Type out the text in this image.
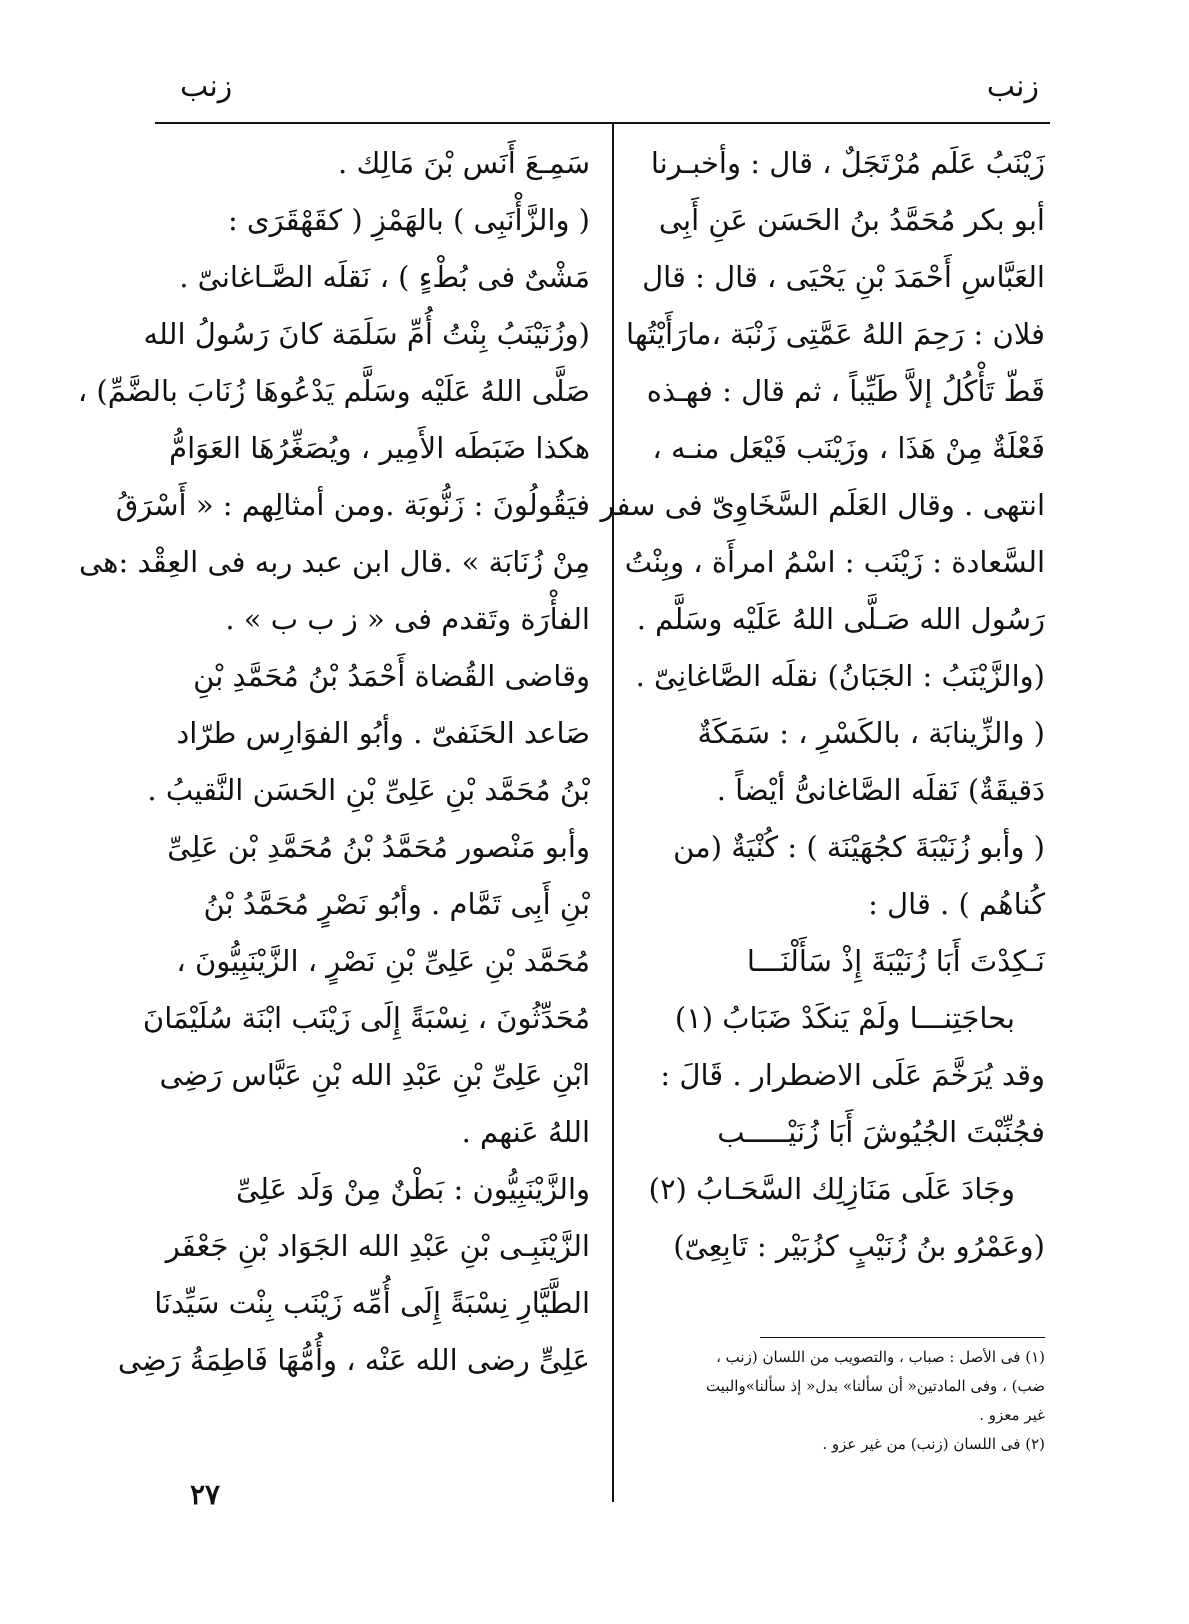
زنب
زنب
زَيْنَبُ عَلَم مُرْتَجَلٌ ، قال : وأخبـرنا
أبو بكر مُحَمَّدُ بنُ الحَسَن عَنِ أَبِى
العَبَّاسِ أَحْمَدَ بْنِ يَحْيَى ، قال : قال
فلان : رَحِمَ اللهُ عَمَّتِى زَنْبَة ،مارَأَيْتُها
قَطّ تَأْكُلُ إلاَّ طَيِّباً ، ثم قال : فهـذه
فَعْلَةٌ مِنْ هَذَا ، وزَيْنَب فَيْعَل منـه ،
انتهى . وقال العَلَم السَّخَاوِىّ فى سفر
السَّعادة : زَيْنَب : اسْمُ امرأَة ، وبِنْتُ
رَسُول الله صَـلَّى اللهُ عَلَيْه وسَلَّم .
(والزَّيْنَبُ : الجَبَانُ) نقلَه الصَّاغانِىّ .
( والزِّينابَة ، بالكَسْرِ ، : سَمَكَةٌ
دَقيقَةٌ) نَقلَه الصَّاغانىُّ أيْضاً .
( وأبو زُنَيْبَةَ كجُهَيْنَة ) : كُنْيَةٌ (من
كُناهُم ) . قال :
نَـكِدْتَ أَبَا زُنَيْبَةَ إِذْ سَأَلْنَـــا
بحاجَتِنـــا ولَمْ يَنكَدْ ضَبَابُ (١)
وقد يُرَخَّمَ عَلَى الاضطرار . قَالَ :
فجُنِّبْتَ الجُيُوشَ أَبَا زُنَيْـــــب
وجَادَ عَلَى مَنَازِلِك السَّحَـابُ (٢)
(وعَمْرُو بنُ زُنَيْبٍ كزُبَيْر : تَابِعِىّ)
سَمِـعَ أَنَس بْنَ مَالِك .
( والزَّأْنَبِى ) بالهَمْزِ ( كقَهْقَرَى :
مَشْىٌ فى بُطْءٍ ) ، نَقلَه الصَّـاغانىّ .
(وزُنَيْنَبُ بِنْتُ أُمِّ سَلَمَة كانَ رَسُولُ الله
صَلَّى اللهُ عَلَيْه وسَلَّم يَدْعُوهَا زُنَابَ بالضَّمِّ) ،
هكذا ضَبَطَه الأَمِير ، ويُصَغِّرُهَا العَوَامُّ
فيَقُولُونَ : زَنُّوبَة .ومن أمثالِهم : « أَسْرَقُ
مِنْ زُنَابَة » .قال ابن عبد ربه فى العِقْد :هى
الفأْرَة وتَقدم فى « ز ب ب » .
وقاضى القُضاة أَحْمَدُ بْنُ مُحَمَّدِ بْنِ
صَاعد الحَنَفىّ . وأبُو الفوَارِس طرّاد
بْنُ مُحَمَّد بْنِ عَلِىِّ بْنِ الحَسَن النَّقيبُ .
وأبو مَنْصور مُحَمَّدُ بْنُ مُحَمَّدِ بْن عَلِىِّ
بْنِ أَبِى تَمَّام . وأبُو نَصْرٍ مُحَمَّدُ بْنُ
مُحَمَّد بْنِ عَلِىِّ بْنِ نَصْرٍ ، الزَّيْنَبِيُّونَ ،
مُحَدِّثُونَ ، نِسْبَةً إِلَى زَيْنَب ابْنَة سُلَيْمَانَ
ابْنِ عَلِىِّ بْنِ عَبْدِ الله بْنِ عَبَّاس رَضِى
اللهُ عَنهم .
والزَّيْنَبِيُّون : بَطْنٌ مِنْ وَلَد عَلِىِّ
الزَّيْنَبِـى بْنِ عَبْدِ الله الجَوَاد بْنِ جَعْفَر
الطَّيَّارِ نِسْبَةً إِلَى أُمِّه زَيْنَب بِنْت سَيِّدنَا
عَلِىٍّ رضى الله عَنْه ، وأُمُّهَا فَاطِمَةُ رَضِى	(١) فى الأصل : صباب ، والتصويب من اللسان (زنب ،
ضب) ، وفى المادتين« أن سألنا» بدل« إذ سألنا»والبيت
غير معزو .
(٢) فى اللسان (زنب) من غير عزو .
٢٧
